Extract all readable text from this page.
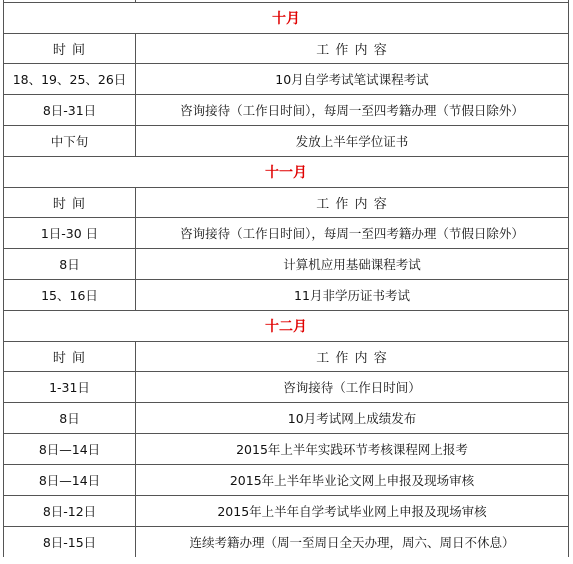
十月	
时 间	工 作 内 容
18、19、25、26日	10月自学考试笔试课程考试
8日-31日	咨询接待（工作日时间），每周一至四考籍办理（节假日除外）
中下旬	发放上半年学位证书
十一月	
时 间	工 作 内 容
1日-30 日	咨询接待（工作日时间），每周一至四考籍办理（节假日除外）
8日	计算机应用基础课程考试
15、16日	11月非学历证书考试
十二月	
时 间	工 作 内 容
1-31日	咨询接待（工作日时间）
8日	10月考试网上成绩发布
8日—14日	2015年上半年实践环节考核课程网上报考
8日—14日	2015年上半年毕业论文网上申报及现场审核
8日-12日	2015年上半年自学考试毕业网上申报及现场审核
8日-15日	连续考籍办理（周一至周日全天办理，周六、周日不休息）
